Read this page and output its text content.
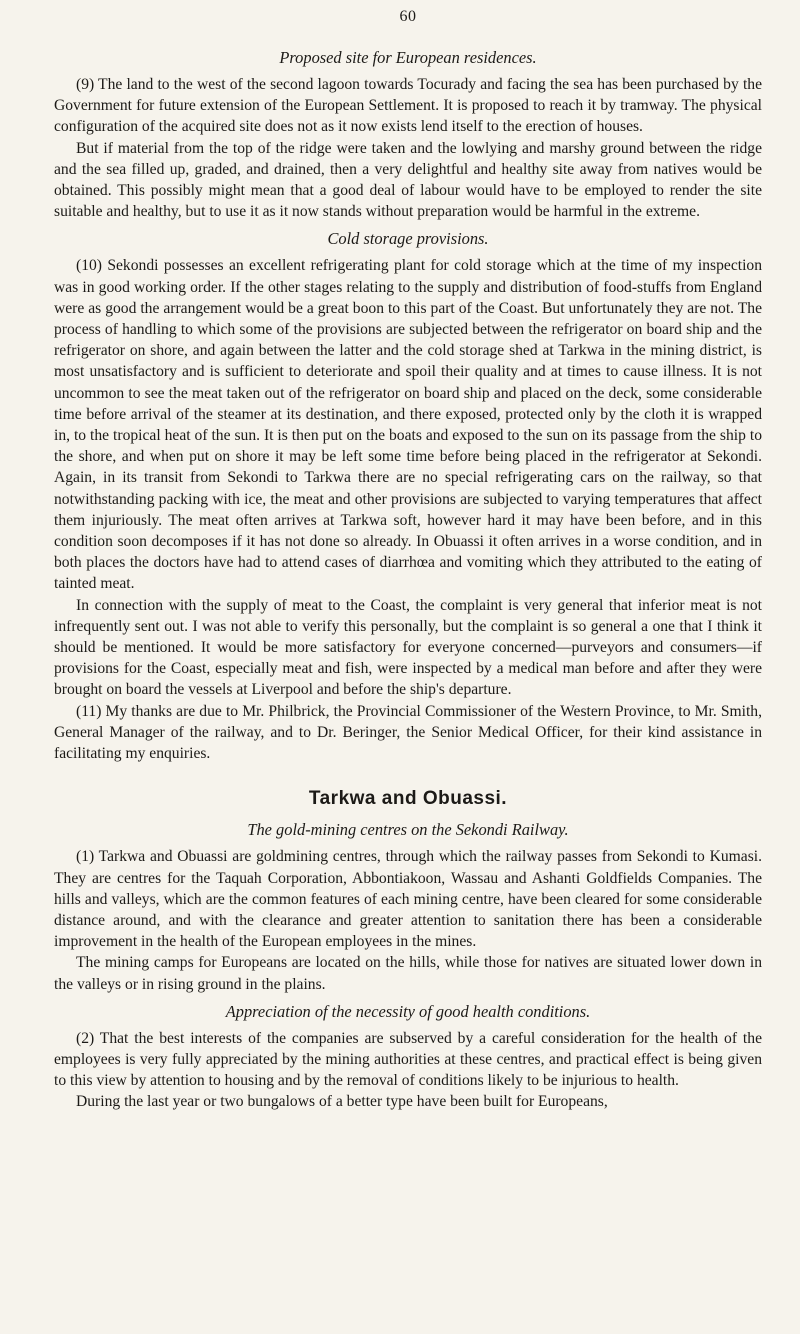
60
Proposed site for European residences.

(9) The land to the west of the second lagoon towards Tocurady and facing the sea has been purchased by the Government for future extension of the European Settlement. It is proposed to reach it by tramway. The physical configuration of the acquired site does not as it now exists lend itself to the erection of houses.

But if material from the top of the ridge were taken and the lowlying and marshy ground between the ridge and the sea filled up, graded, and drained, then a very delightful and healthy site away from natives would be obtained. This possibly might mean that a good deal of labour would have to be employed to render the site suitable and healthy, but to use it as it now stands without preparation would be harmful in the extreme.

Cold storage provisions.

(10) Sekondi possesses an excellent refrigerating plant for cold storage which at the time of my inspection was in good working order. If the other stages relating to the supply and distribution of food-stuffs from England were as good the arrangement would be a great boon to this part of the Coast. But unfortunately they are not. The process of handling to which some of the provisions are subjected between the refrigerator on board ship and the refrigerator on shore, and again between the latter and the cold storage shed at Tarkwa in the mining district, is most unsatisfactory and is sufficient to deteriorate and spoil their quality and at times to cause illness. It is not uncommon to see the meat taken out of the refrigerator on board ship and placed on the deck, some considerable time before arrival of the steamer at its destination, and there exposed, protected only by the cloth it is wrapped in, to the tropical heat of the sun. It is then put on the boats and exposed to the sun on its passage from the ship to the shore, and when put on shore it may be left some time before being placed in the refrigerator at Sekondi. Again, in its transit from Sekondi to Tarkwa there are no special refrigerating cars on the railway, so that notwithstanding packing with ice, the meat and other provisions are subjected to varying temperatures that affect them injuriously. The meat often arrives at Tarkwa soft, however hard it may have been before, and in this condition soon decomposes if it has not done so already. In Obuassi it often arrives in a worse condition, and in both places the doctors have had to attend cases of diarrhœa and vomiting which they attributed to the eating of tainted meat.

In connection with the supply of meat to the Coast, the complaint is very general that inferior meat is not infrequently sent out. I was not able to verify this personally, but the complaint is so general a one that I think it should be mentioned. It would be more satisfactory for everyone concerned—purveyors and consumers—if provisions for the Coast, especially meat and fish, were inspected by a medical man before and after they were brought on board the vessels at Liverpool and before the ship's departure.

(11) My thanks are due to Mr. Philbrick, the Provincial Commissioner of the Western Province, to Mr. Smith, General Manager of the railway, and to Dr. Beringer, the Senior Medical Officer, for their kind assistance in facilitating my enquiries.

Tarkwa and Obuassi.
The gold-mining centres on the Sekondi Railway.

(1) Tarkwa and Obuassi are goldmining centres, through which the railway passes from Sekondi to Kumasi. They are centres for the Taquah Corporation, Abbontiakoon, Wassau and Ashanti Goldfields Companies. The hills and valleys, which are the common features of each mining centre, have been cleared for some considerable distance around, and with the clearance and greater attention to sanitation there has been a considerable improvement in the health of the European employees in the mines.

The mining camps for Europeans are located on the hills, while those for natives are situated lower down in the valleys or in rising ground in the plains.

Appreciation of the necessity of good health conditions.

(2) That the best interests of the companies are subserved by a careful consideration for the health of the employees is very fully appreciated by the mining authorities at these centres, and practical effect is being given to this view by attention to housing and by the removal of conditions likely to be injurious to health.

During the last year or two bungalows of a better type have been built for Europeans,
